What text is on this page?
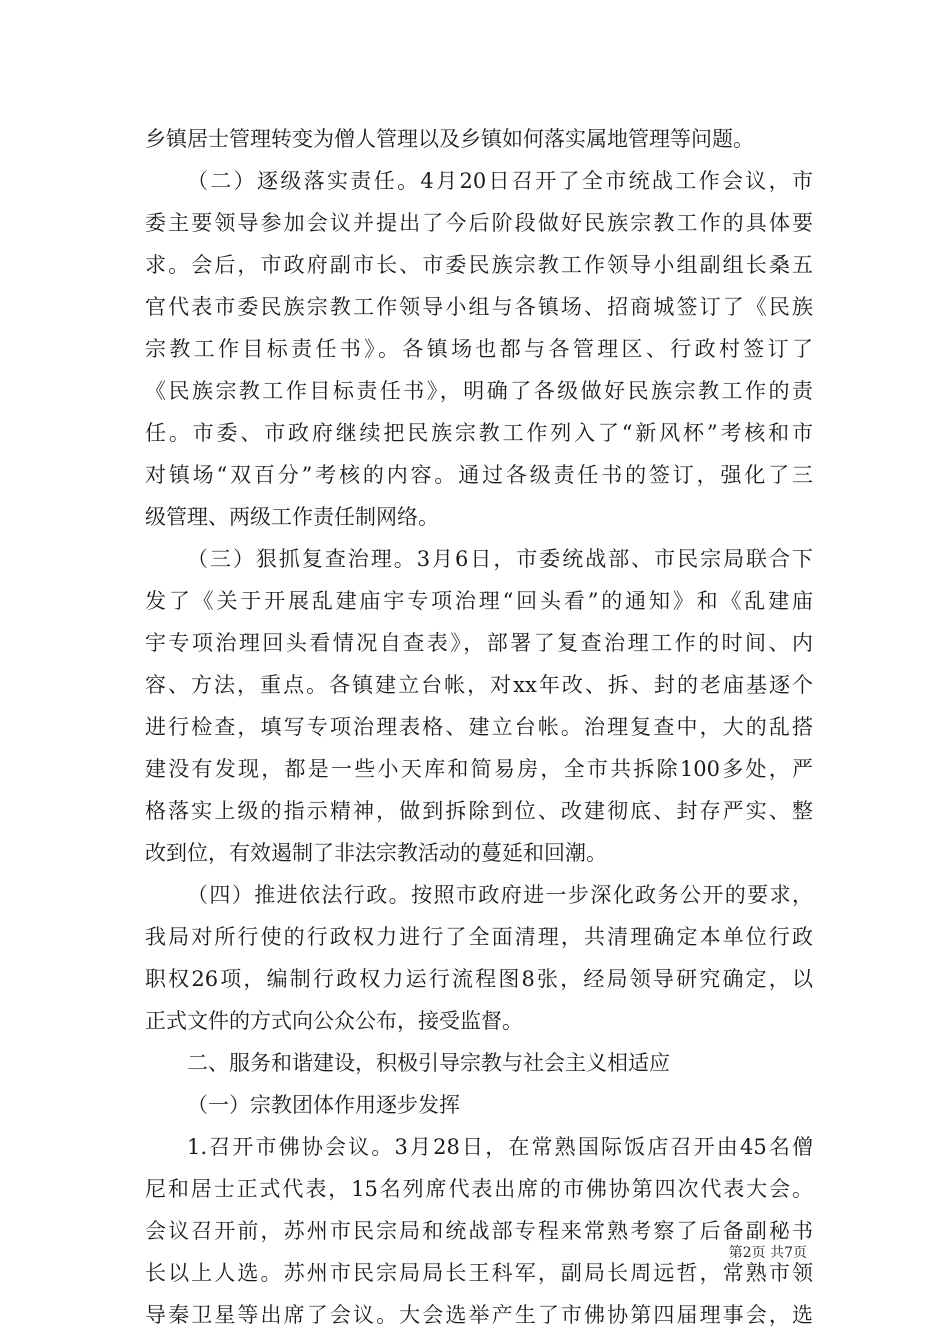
乡镇居士管理转变为僧人管理以及乡镇如何落实属地管理等问题。
（二）逐级落实责任。4月20日召开了全市统战工作会议，市
委主要领导参加会议并提出了今后阶段做好民族宗教工作的具体要
求。会后，市政府副市长、市委民族宗教工作领导小组副组长桑五
官代表市委民族宗教工作领导小组与各镇场、招商城签订了《民族
宗教工作目标责任书》。各镇场也都与各管理区、行政村签订了
《民族宗教工作目标责任书》，明确了各级做好民族宗教工作的责
任。市委、市政府继续把民族宗教工作列入了“新风杯”考核和市
对镇场“双百分”考核的内容。通过各级责任书的签订，强化了三
级管理、两级工作责任制网络。
（三）狠抓复查治理。3月6日，市委统战部、市民宗局联合下
发了《关于开展乱建庙宇专项治理“回头看”的通知》和《乱建庙
宇专项治理回头看情况自查表》，部署了复查治理工作的时间、内
容、方法，重点。各镇建立台帐，对xx年改、拆、封的老庙基逐个
进行检查，填写专项治理表格、建立台帐。治理复查中，大的乱搭
建没有发现，都是一些小天库和简易房，全市共拆除100多处，严
格落实上级的指示精神，做到拆除到位、改建彻底、封存严实、整
改到位，有效遏制了非法宗教活动的蔓延和回潮。
（四）推进依法行政。按照市政府进一步深化政务公开的要求，
我局对所行使的行政权力进行了全面清理，共清理确定本单位行政
职权26项，编制行政权力运行流程图8张，经局领导研究确定，以
正式文件的方式向公众公布，接受监督。
二、服务和谐建设，积极引导宗教与社会主义相适应
（一）宗教团体作用逐步发挥
1.召开市佛协会议。3月28日，在常熟国际饭店召开由45名僧
尼和居士正式代表，15名列席代表出席的市佛协第四次代表大会。
会议召开前，苏州市民宗局和统战部专程来常熟考察了后备副秘书
长以上人选。苏州市民宗局局长王科军，副局长周远哲，常熟市领
导秦卫星等出席了会议。大会选举产生了市佛协第四届理事会，选
第2页 共7页
